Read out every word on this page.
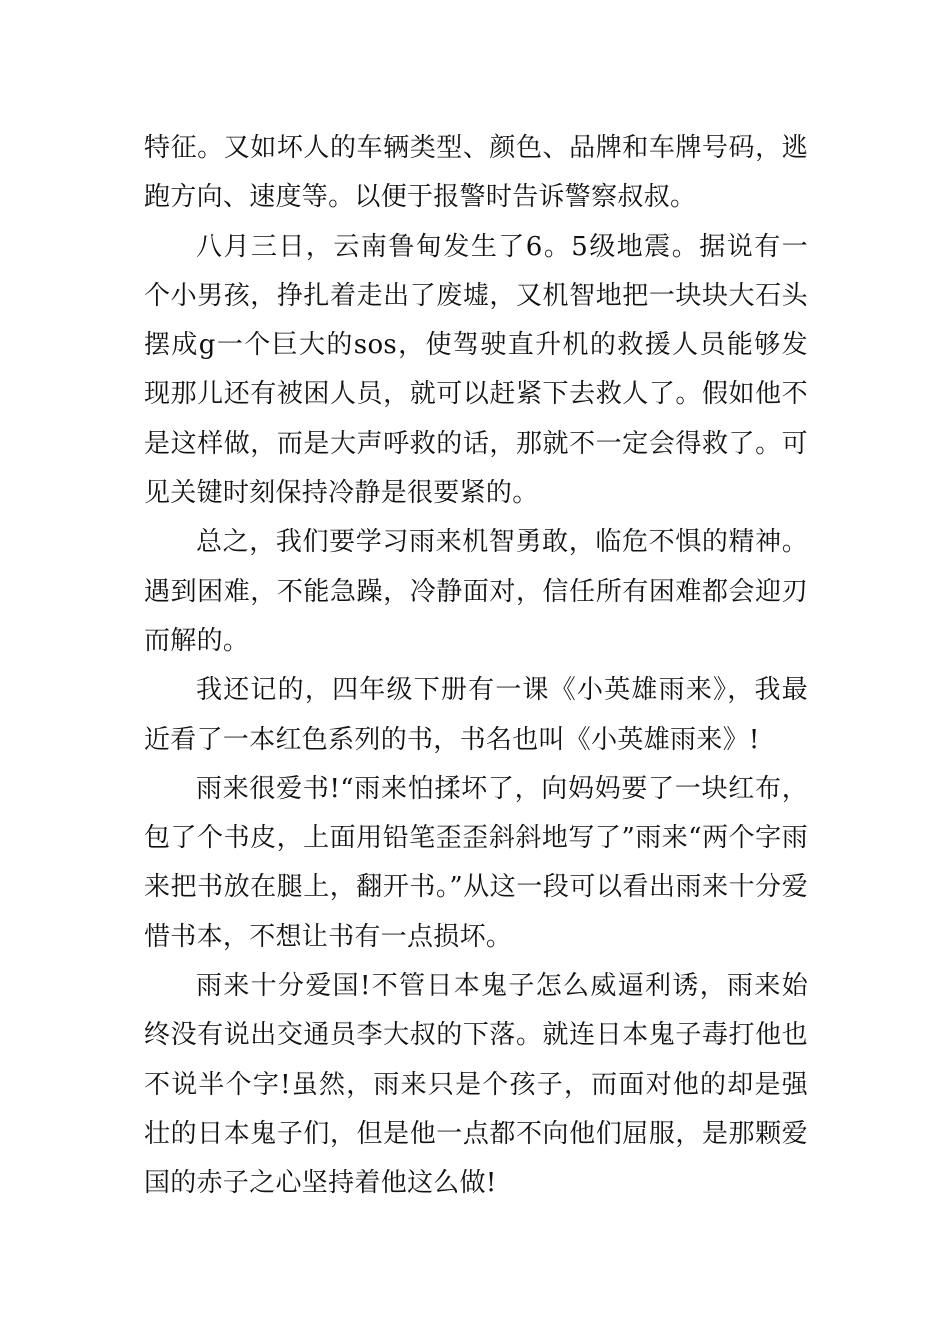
特征。又如坏人的车辆类型、颜色、品牌和车牌号码，逃跑方向、速度等。以便于报警时告诉警察叔叔。

八月三日，云南鲁甸发生了6。5级地震。据说有一个小男孩，挣扎着走出了废墟，又机智地把一块块大石头摆成g一个巨大的sos，使驾驶直升机的救援人员能够发现那儿还有被困人员，就可以赶紧下去救人了。假如他不是这样做，而是大声呼救的话，那就不一定会得救了。可见关键时刻保持冷静是很要紧的。

总之，我们要学习雨来机智勇敢，临危不惧的精神。遇到困难，不能急躁，冷静面对，信任所有困难都会迎刃而解的。

我还记的，四年级下册有一课《小英雄雨来》，我最近看了一本红色系列的书，书名也叫《小英雄雨来》!

雨来很爱书!“雨来怕揉坏了，向妈妈要了一块红布，包了个书皮，上面用铅笔歪歪斜斜地写了”雨来“两个字雨来把书放在腿上，翻开书。”从这一段可以看出雨来十分爱惜书本，不想让书有一点损坏。

雨来十分爱国!不管日本鬼子怎么威逼利诱，雨来始终没有说出交通员李大叔的下落。就连日本鬼子毒打他也不说半个字!虽然，雨来只是个孩子，而面对他的却是强壮的日本鬼子们，但是他一点都不向他们屈服，是那颗爱国的赤子之心坚持着他这么做!
